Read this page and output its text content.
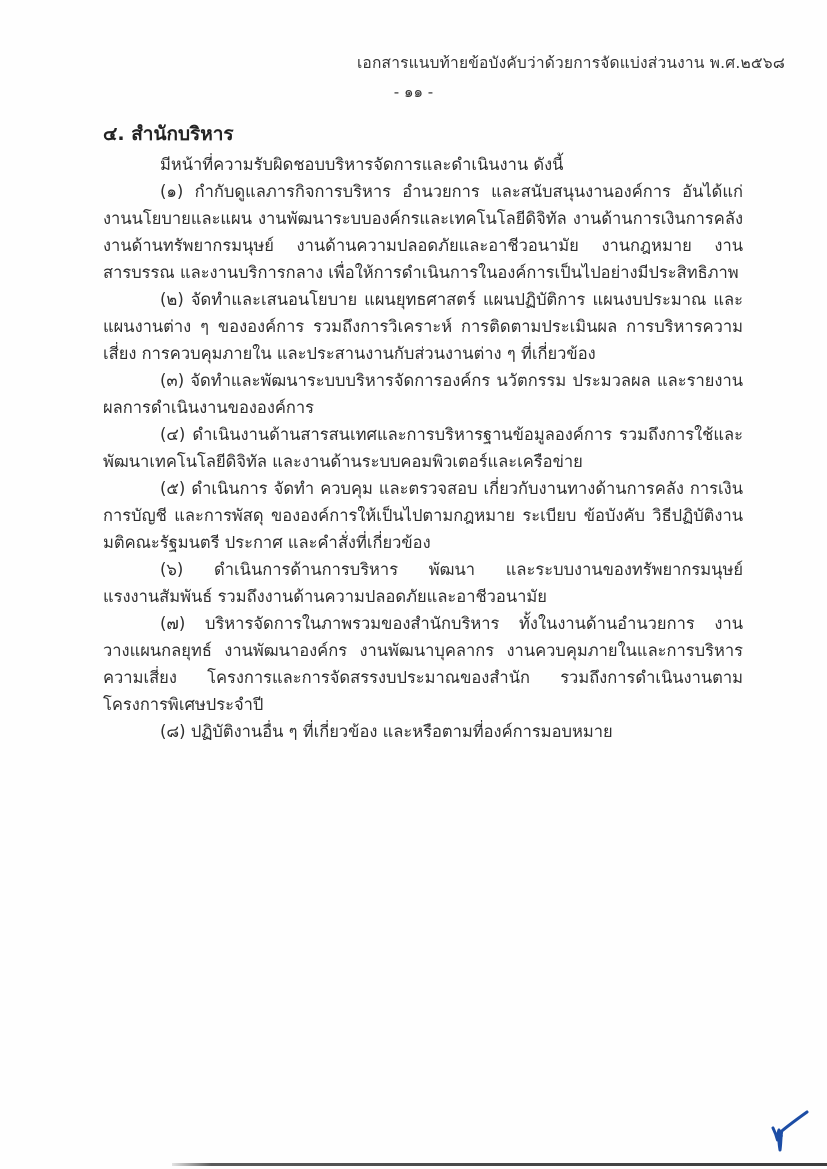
เอกสารแนบท้ายข้อบังคับว่าด้วยการจัดแบ่งส่วนงาน พ.ศ.๒๕๖๘
- ๑๑ -
๔. สำนักบริหาร

มีหน้าที่ความรับผิดชอบบริหารจัดการและดำเนินงาน ดังนี้

(๑) กำกับดูแลภารกิจการบริหาร อำนวยการ และสนับสนุนงานองค์การ อันได้แก่ งานนโยบายและแผน งานพัฒนาระบบองค์กรและเทคโนโลยีดิจิทัล งานด้านการเงินการคลัง งานด้านทรัพยากรมนุษย์ งานด้านความปลอดภัยและอาชีวอนามัย งานกฎหมาย งานสารบรรณ และงานบริการกลาง เพื่อให้การดำเนินการในองค์การเป็นไปอย่างมีประสิทธิภาพ

(๒) จัดทำและเสนอนโยบาย แผนยุทธศาสตร์ แผนปฏิบัติการ แผนงบประมาณ และแผนงานต่าง ๆ ขององค์การ รวมถึงการวิเคราะห์ การติดตามประเมินผล การบริหารความเสี่ยง การควบคุมภายใน และประสานงานกับส่วนงานต่าง ๆ ที่เกี่ยวข้อง

(๓) จัดทำและพัฒนาระบบบริหารจัดการองค์กร นวัตกรรม ประมวลผล และรายงานผลการดำเนินงานขององค์การ

(๔) ดำเนินงานด้านสารสนเทศและการบริหารฐานข้อมูลองค์การ รวมถึงการใช้และพัฒนาเทคโนโลยีดิจิทัล และงานด้านระบบคอมพิวเตอร์และเครือข่าย

(๕) ดำเนินการ จัดทำ ควบคุม และตรวจสอบ เกี่ยวกับงานทางด้านการคลัง การเงิน การบัญชี และการพัสดุ ขององค์การให้เป็นไปตามกฎหมาย ระเบียบ ข้อบังคับ วิธีปฏิบัติงาน มติคณะรัฐมนตรี ประกาศ และคำสั่งที่เกี่ยวข้อง

(๖) ดำเนินการด้านการบริหาร พัฒนา และระบบงานของทรัพยากรมนุษย์ แรงงานสัมพันธ์ รวมถึงงานด้านความปลอดภัยและอาชีวอนามัย

(๗) บริหารจัดการในภาพรวมของสำนักบริหาร ทั้งในงานด้านอำนวยการ งานวางแผนกลยุทธ์ งานพัฒนาองค์กร งานพัฒนาบุคลากร งานควบคุมภายในและการบริหารความเสี่ยง โครงการและการจัดสรรงบประมาณของสำนัก รวมถึงการดำเนินงานตามโครงการพิเศษประจำปี

(๘) ปฏิบัติงานอื่น ๆ ที่เกี่ยวข้อง และหรือตามที่องค์การมอบหมาย
